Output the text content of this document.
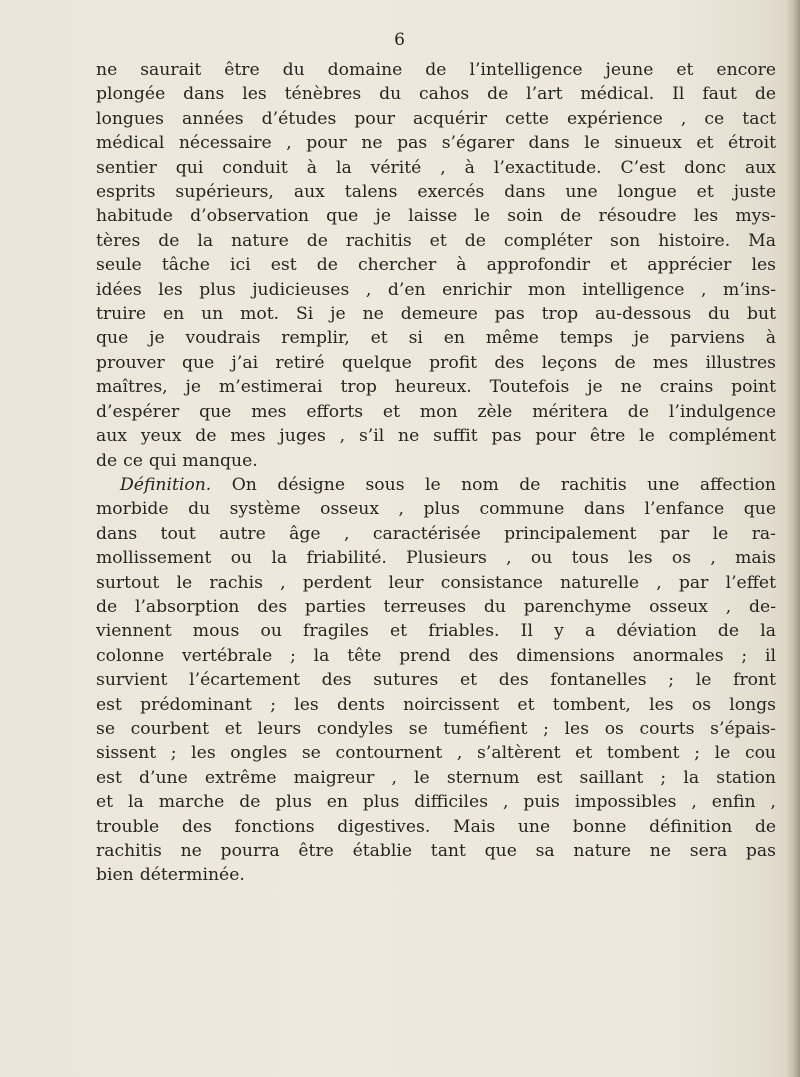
6
ne saurait être du domaine de l’intelligence jeune et encore
plongée dans les ténèbres du cahos de l’art médical. Il faut de
longues années d’études pour acquérir cette expérience , ce tact
médical nécessaire , pour ne pas s’égarer dans le sinueux et étroit
sentier qui conduit à la vérité , à l’exactitude. C’est donc aux
esprits supérieurs, aux talens exercés dans une longue et juste
habitude d’observation que je laisse le soin de résoudre les mys-
tères de la nature de rachitis et de compléter son histoire. Ma
seule tâche ici est de chercher à approfondir et apprécier les
idées les plus judicieuses , d’en enrichir mon intelligence , m’ins-
truire en un mot. Si je ne demeure pas trop au-dessous du but
que je voudrais remplir, et si en même temps je parviens à
prouver que j’ai retiré quelque profit des leçons de mes illustres
maîtres, je m’estimerai trop heureux. Toutefois je ne crains point
d’espérer que mes efforts et mon zèle méritera de l’indulgence
aux yeux de mes juges , s’il ne suffit pas pour être le complément
de ce qui manque.
Définition. On désigne sous le nom de rachitis une affection
morbide du système osseux , plus commune dans l’enfance que
dans tout autre âge , caractérisée principalement par le ra-
mollissement ou la friabilité. Plusieurs , ou tous les os , mais
surtout le rachis , perdent leur consistance naturelle , par l’effet
de l’absorption des parties terreuses du parenchyme osseux , de-
viennent mous ou fragiles et friables. Il y a déviation de la
colonne vertébrale ; la tête prend des dimensions anormales ; il
survient l’écartement des sutures et des fontanelles ; le front
est prédominant ; les dents noircissent et tombent, les os longs
se courbent et leurs condyles se tuméfient ; les os courts s’épais-
sissent ; les ongles se contournent , s’altèrent et tombent ; le cou
est d’une extrême maigreur , le sternum est saillant ; la station
et la marche de plus en plus difficiles , puis impossibles , enfin ,
trouble des fonctions digestives. Mais une bonne définition de
rachitis ne pourra être établie tant que sa nature ne sera pas
bien déterminée.
